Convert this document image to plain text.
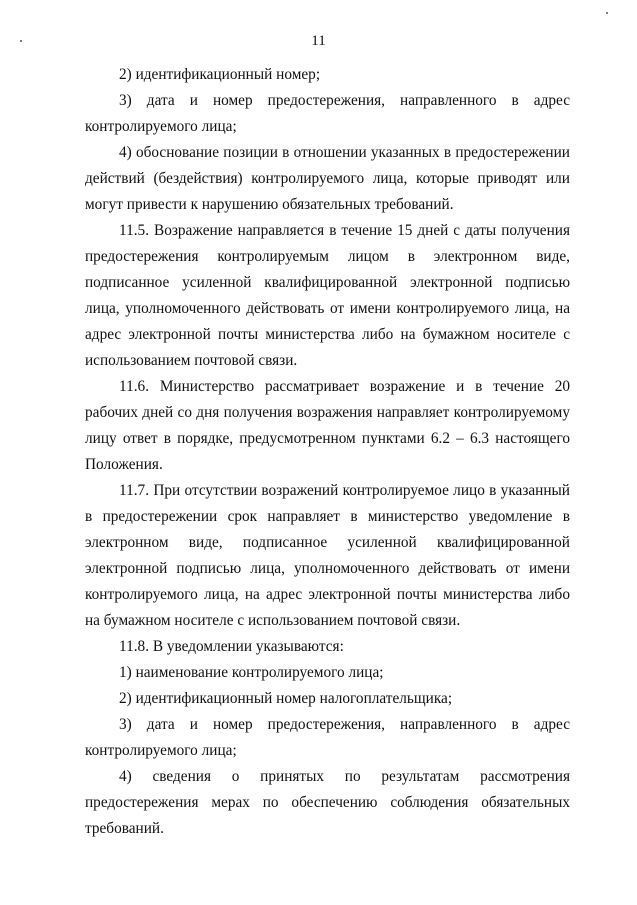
11

2) идентификационный номер;

3) дата и номер предостережения, направленного в адрес контролируемого лица;

4) обоснование позиции в отношении указанных в предостережении действий (бездействия) контролируемого лица, которые приводят или могут привести к нарушению обязательных требований.

11.5. Возражение направляется в течение 15 дней с даты получения предостережения контролируемым лицом в электронном виде, подписанное усиленной квалифицированной электронной подписью лица, уполномоченного действовать от имени контролируемого лица, на адрес электронной почты министерства либо на бумажном носителе с использованием почтовой связи.

11.6. Министерство рассматривает возражение и в течение 20 рабочих дней со дня получения возражения направляет контролируемому лицу ответ в порядке, предусмотренном пунктами 6.2 – 6.3 настоящего Положения.

11.7. При отсутствии возражений контролируемое лицо в указанный в предостережении срок направляет в министерство уведомление в электронном виде, подписанное усиленной квалифицированной электронной подписью лица, уполномоченного действовать от имени контролируемого лица, на адрес электронной почты министерства либо на бумажном носителе с использованием почтовой связи.

11.8. В уведомлении указываются:

1) наименование контролируемого лица;

2) идентификационный номер налогоплательщика;

3) дата и номер предостережения, направленного в адрес контролируемого лица;

4) сведения о принятых по результатам рассмотрения предостережения мерах по обеспечению соблюдения обязательных требований.
